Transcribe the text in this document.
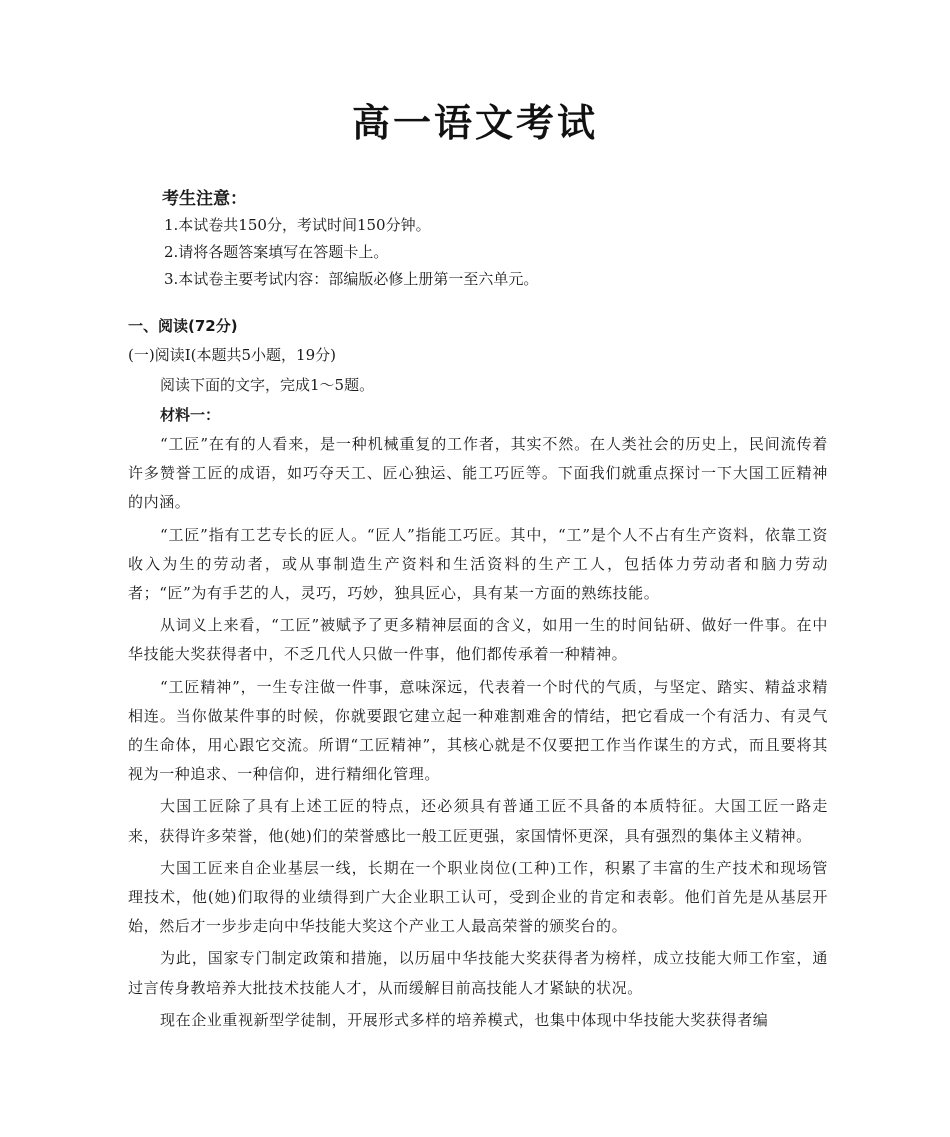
高一语文考试
考生注意：
1.本试卷共150分，考试时间150分钟。
2.请将各题答案填写在答题卡上。
3.本试卷主要考试内容：部编版必修上册第一至六单元。
一、阅读(72分)
(一)阅读Ⅰ(本题共5小题，19分)
阅读下面的文字，完成1～5题。
材料一：

“工匠”在有的人看来，是一种机械重复的工作者，其实不然。在人类社会的历史上，民间流传着许多赞誉工匠的成语，如巧夺天工、匠心独运、能工巧匠等。下面我们就重点探讨一下大国工匠精神的内涵。

“工匠”指有工艺专长的匠人。“匠人”指能工巧匠。其中，“工”是个人不占有生产资料，依靠工资收入为生的劳动者，或从事制造生产资料和生活资料的生产工人，包括体力劳动者和脑力劳动者；“匠”为有手艺的人，灵巧，巧妙，独具匠心，具有某一方面的熟练技能。

从词义上来看，“工匠”被赋予了更多精神层面的含义，如用一生的时间钻研、做好一件事。在中华技能大奖获得者中，不乏几代人只做一件事，他们都传承着一种精神。

“工匠精神”，一生专注做一件事，意味深远，代表着一个时代的气质，与坚定、踏实、精益求精相连。当你做某件事的时候，你就要跟它建立起一种难割难舍的情结，把它看成一个有活力、有灵气的生命体，用心跟它交流。所谓“工匠精神”，其核心就是不仅要把工作当作谋生的方式，而且要将其视为一种追求、一种信仰，进行精细化管理。

大国工匠除了具有上述工匠的特点，还必须具有普通工匠不具备的本质特征。大国工匠一路走来，获得许多荣誉，他(她)们的荣誉感比一般工匠更强，家国情怀更深，具有强烈的集体主义精神。

大国工匠来自企业基层一线，长期在一个职业岗位(工种)工作，积累了丰富的生产技术和现场管理技术，他(她)们取得的业绩得到广大企业职工认可，受到企业的肯定和表彰。他们首先是从基层开始，然后才一步步走向中华技能大奖这个产业工人最高荣誉的颁奖台的。

为此，国家专门制定政策和措施，以历届中华技能大奖获得者为榜样，成立技能大师工作室，通过言传身教培养大批技术技能人才，从而缓解目前高技能人才紧缺的状况。

现在企业重视新型学徒制，开展形式多样的培养模式，也集中体现中华技能大奖获得者编
